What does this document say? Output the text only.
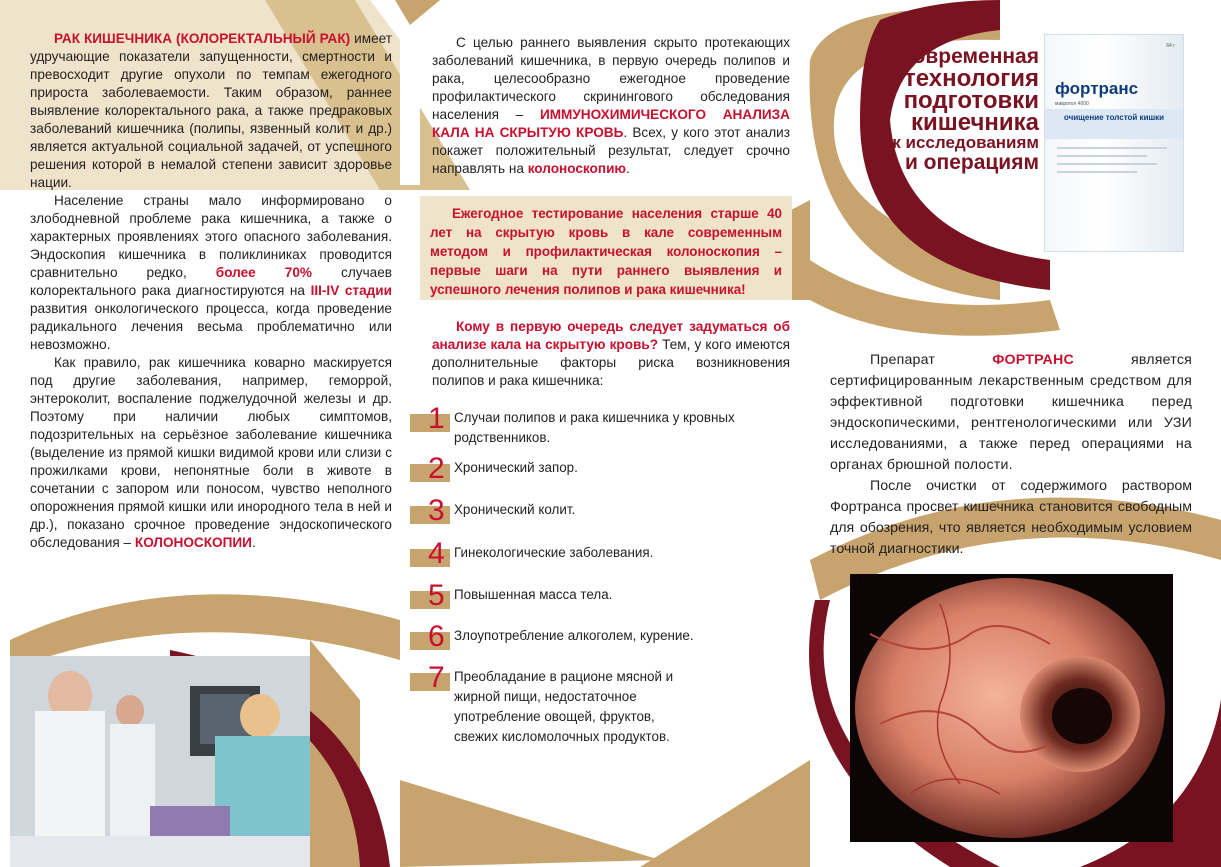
РАК КИШЕЧНИКА (КОЛОРЕКТАЛЬНЫЙ РАК) имеет удручающие показатели запущенности, смертности и превосходит другие опухоли по темпам ежегодного прироста заболеваемости. Таким образом, раннее выявление колоректального рака, а также предраковых заболеваний кишечника (полипы, язвенный колит и др.) является актуальной социальной задачей, от успешного решения которой в немалой степени зависит здоровье нации.

Население страны мало информировано о злободневной проблеме рака кишечника, а также о характерных проявлениях этого опасного заболевания. Эндоскопия кишечника в поликлиниках проводится сравнительно редко, более 70% случаев колоректального рака диагностируются на III-IV стадии развития онкологического процесса, когда проведение радикального лечения весьма проблематично или невозможно.

Как правило, рак кишечника коварно маскируется под другие заболевания, например, геморрой, энтероколит, воспаление поджелудочной железы и др. Поэтому при наличии любых симптомов, подозрительных на серьёзное заболевание кишечника (выделение из прямой кишки видимой крови или слизи с прожилками крови, непонятные боли в животе в сочетании с запором или поносом, чувство неполного опорожнения прямой кишки или инородного тела в ней и др.), показано срочное проведение эндоскопического обследования – КОЛОНОСКОПИИ.

С целью раннего выявления скрыто протекающих заболеваний кишечника, в первую очередь полипов и рака, целесообразно ежегодное проведение профилактического скринингового обследования населения – ИММУНОХИМИЧЕСКОГО АНАЛИЗА КАЛА НА СКРЫТУЮ КРОВЬ. Всех, у кого этот анализ покажет положительный результат, следует срочно направлять на колоноскопию.

Ежегодное тестирование населения старше 40 лет на скрытую кровь в кале современным методом и профилактическая колоноскопия – первые шаги на пути раннего выявления и успешного лечения полипов и рака кишечника!

Кому в первую очередь следует задуматься об анализе кала на скрытую кровь? Тем, у кого имеются дополнительные факторы риска возникновения полипов и рака кишечника:

1 Случаи полипов и рака кишечника у кровных родственников.
2 Хронический запор.
3 Хронический колит.
4 Гинекологические заболевания.
5 Повышенная масса тела.
6 Злоупотребление алкоголем, курение.
7 Преобладание в рационе мясной и жирной пищи, недостаточное употребление овощей, фруктов, свежих кисломолочных продуктов.
Современная
технология
подготовки
кишечника
к исследованиям
и операциям
фортранс
макрогол 4000
64 г
очищение толстой кишки

Препарат ФОРТРАНС является сертифицированным лекарственным средством для эффективной подготовки кишечника перед эндоскопическими, рентгенологическими или УЗИ исследованиями, а также перед операциями на органах брюшной полости.

После очистки от содержимого раствором Фортранса просвет кишечника становится свободным для обозрения, что является необходимым условием точной диагностики.
